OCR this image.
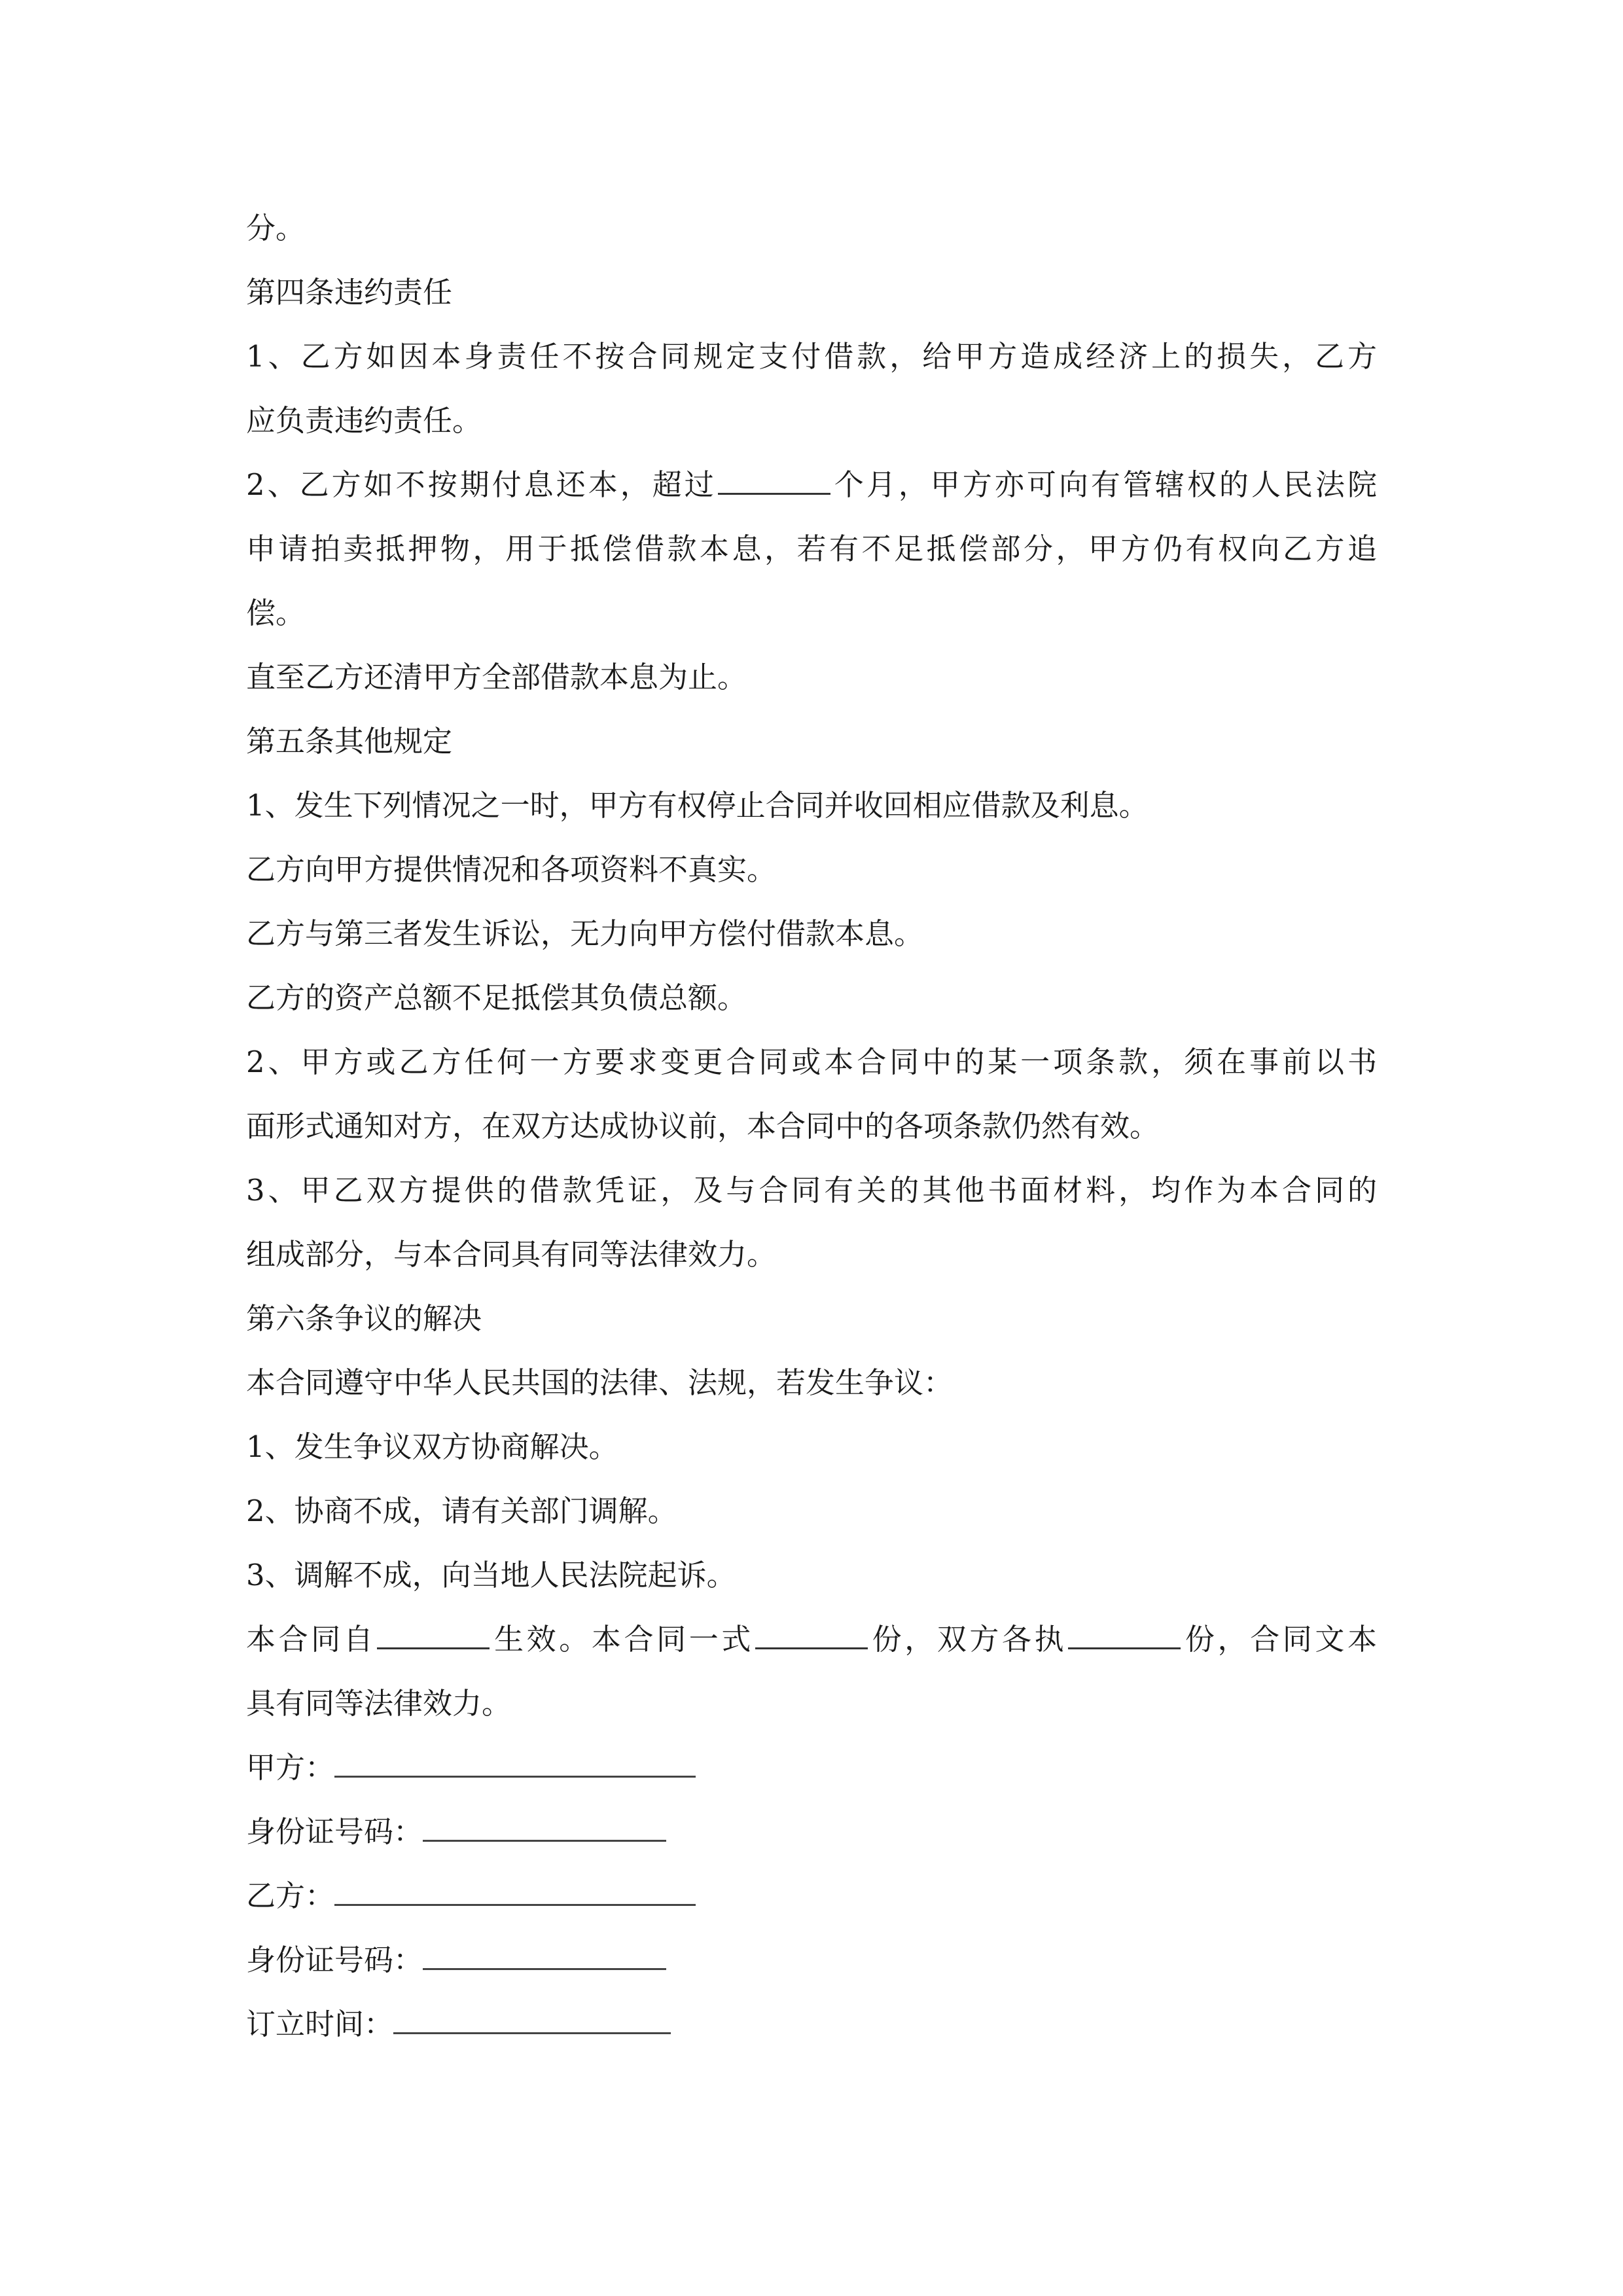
分。
第四条违约责任
1、乙方如因本身责任不按合同规定支付借款，给甲方造成经济上的损失，乙方
应负责违约责任。
2、乙方如不按期付息还本，超过	个月，甲方亦可向有管辖权的人民法院
申请拍卖抵押物，用于抵偿借款本息，若有不足抵偿部分，甲方仍有权向乙方追
偿。
直至乙方还清甲方全部借款本息为止。
第五条其他规定
1、发生下列情况之一时，甲方有权停止合同并收回相应借款及利息。
乙方向甲方提供情况和各项资料不真实。
乙方与第三者发生诉讼，无力向甲方偿付借款本息。
乙方的资产总额不足抵偿其负债总额。
2、甲方或乙方任何一方要求变更合同或本合同中的某一项条款，须在事前以书
面形式通知对方，在双方达成协议前，本合同中的各项条款仍然有效。
3、甲乙双方提供的借款凭证，及与合同有关的其他书面材料，均作为本合同的
组成部分，与本合同具有同等法律效力。
第六条争议的解决
本合同遵守中华人民共国的法律、法规，若发生争议：
1、发生争议双方协商解决。
2、协商不成，请有关部门调解。
3、调解不成，向当地人民法院起诉。
本合同自	生效。本合同一式	份，双方各执	份，合同文本
具有同等法律效力。
甲方：
身份证号码：
乙方：
身份证号码：
订立时间：
